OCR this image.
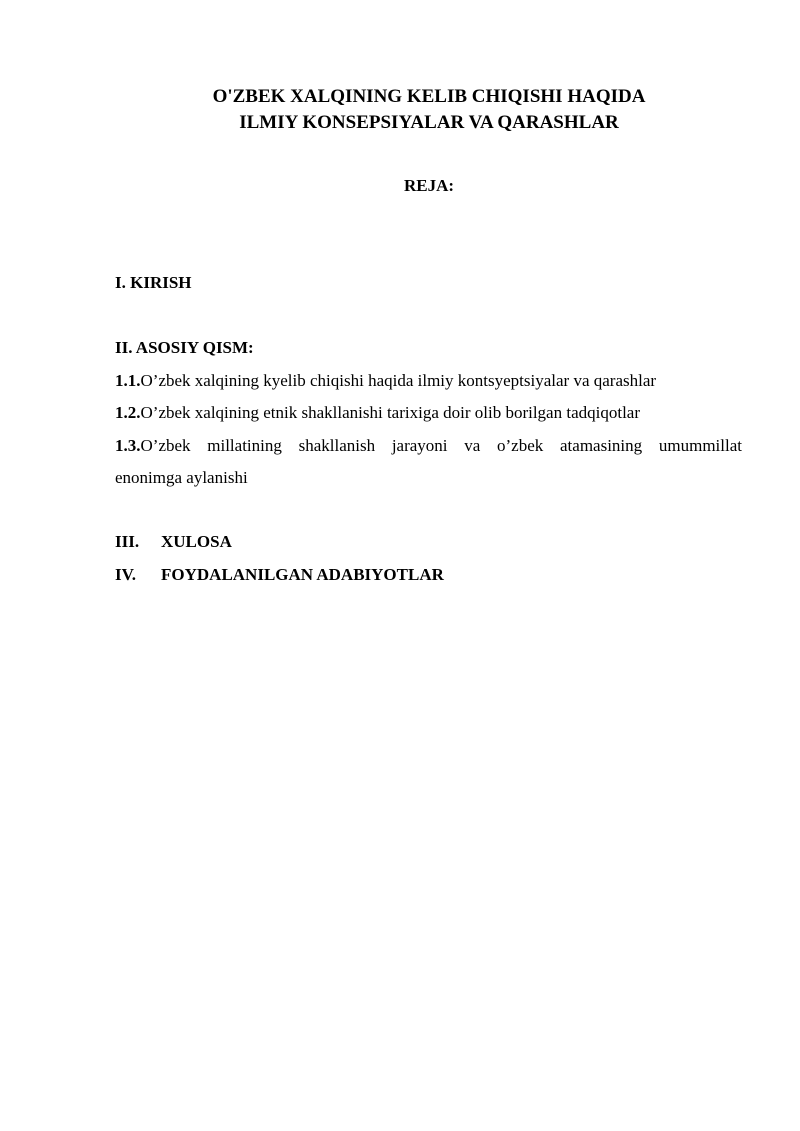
O'ZBEK XALQINING KELIB CHIQISHI HAQIDA
ILMIY KONSEPSIYALAR VA QARASHLAR
REJA:
I. KIRISH
II. ASOSIY QISM:
1.1.O’zbek xalqining kyelib chiqishi haqida ilmiy kontsyeptsiyalar va qarashlar
1.2.O’zbek xalqining etnik shakllanishi tarixiga doir olib borilgan tadqiqotlar
1.3.O’zbek millatining shakllanish jarayoni va o’zbek atamasining umummillat
enonimga aylanishi
III. XULOSA
IV. FOYDALANILGAN ADABIYOTLAR
